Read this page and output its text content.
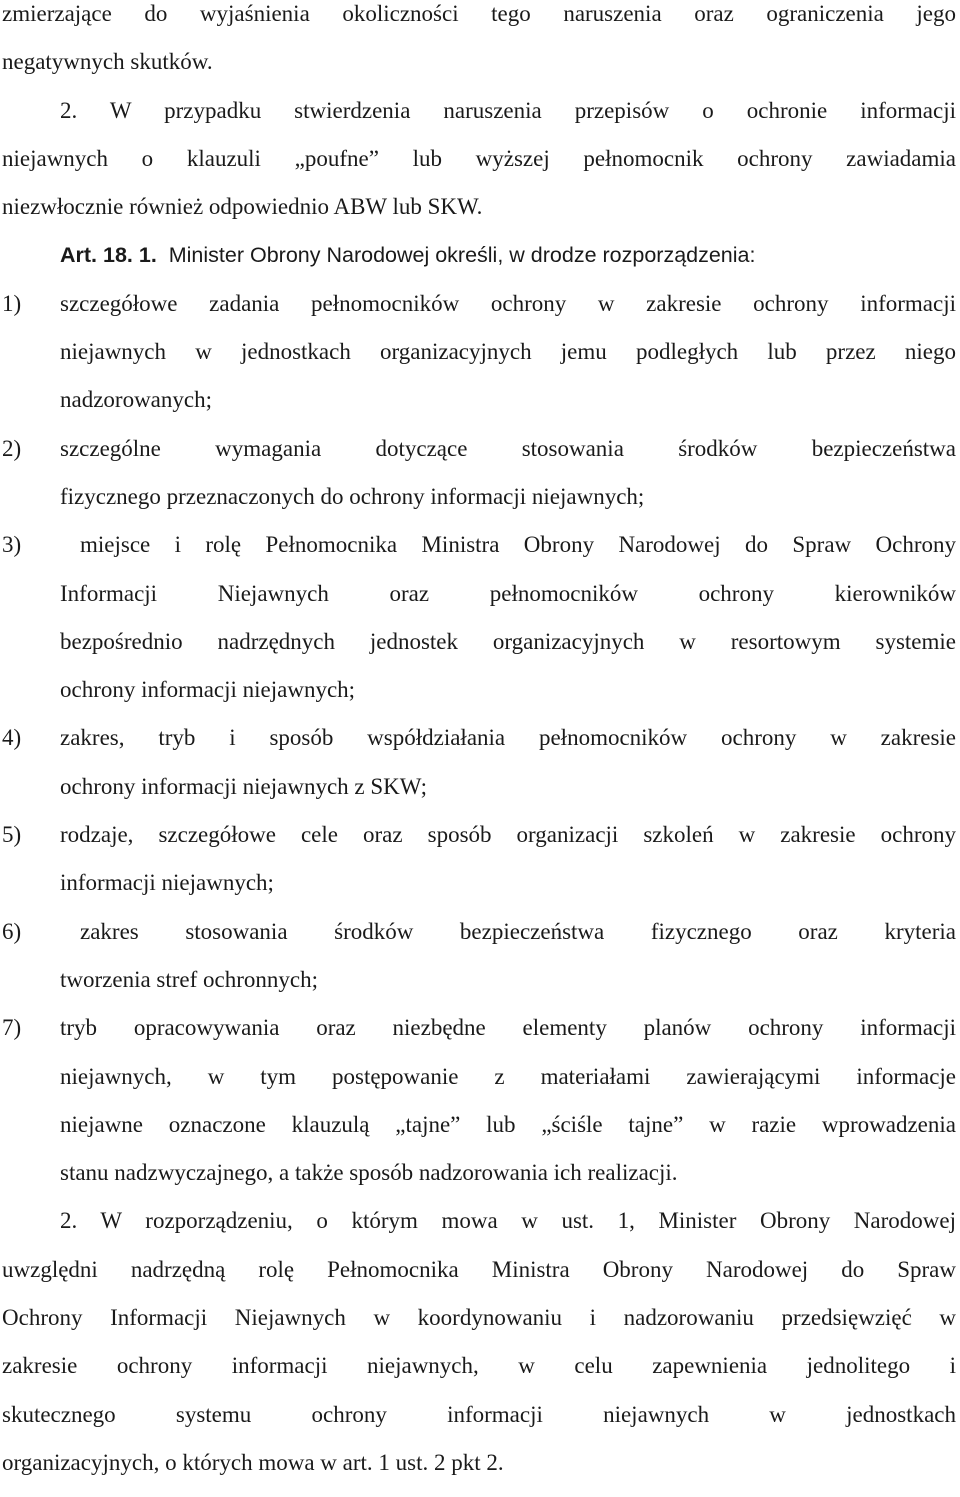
zmierzające do wyjaśnienia okoliczności tego naruszenia oraz ograniczenia jego
negatywnych skutków.
2. W przypadku stwierdzenia naruszenia przepisów o ochronie informacji
niejawnych o klauzuli „poufne” lub wyższej pełnomocnik ochrony zawiadamia
niezwłocznie również odpowiednio ABW lub SKW.
Art. 18. 1. Minister Obrony Narodowej określi, w drodze rozporządzenia:
1)	szczegółowe zadania pełnomocników ochrony w zakresie ochrony informacji
niejawnych w jednostkach organizacyjnych jemu podległych lub przez niego
nadzorowanych;
2)	szczególne wymagania dotyczące stosowania środków bezpieczeństwa
fizycznego przeznaczonych do ochrony informacji niejawnych;
3)	miejsce i rolę Pełnomocnika Ministra Obrony Narodowej do Spraw Ochrony
Informacji Niejawnych oraz pełnomocników ochrony kierowników
bezpośrednio nadrzędnych jednostek organizacyjnych w resortowym systemie
ochrony informacji niejawnych;
4)	zakres, tryb i sposób współdziałania pełnomocników ochrony w zakresie
ochrony informacji niejawnych z SKW;
5)	rodzaje, szczegółowe cele oraz sposób organizacji szkoleń w zakresie ochrony
informacji niejawnych;
6)	zakres stosowania środków bezpieczeństwa fizycznego oraz kryteria
tworzenia stref ochronnych;
7)	tryb opracowywania oraz niezbędne elementy planów ochrony informacji
niejawnych, w tym postępowanie z materiałami zawierającymi informacje
niejawne oznaczone klauzulą „tajne” lub „ściśle tajne” w razie wprowadzenia
stanu nadzwyczajnego, a także sposób nadzorowania ich realizacji.
2. W rozporządzeniu, o którym mowa w ust. 1, Minister Obrony Narodowej
uwzględni nadrzędną rolę Pełnomocnika Ministra Obrony Narodowej do Spraw
Ochrony Informacji Niejawnych w koordynowaniu i nadzorowaniu przedsięwzięć w
zakresie ochrony informacji niejawnych, w celu zapewnienia jednolitego i
skutecznego systemu ochrony informacji niejawnych w jednostkach
organizacyjnych, o których mowa w art. 1 ust. 2 pkt 2.
